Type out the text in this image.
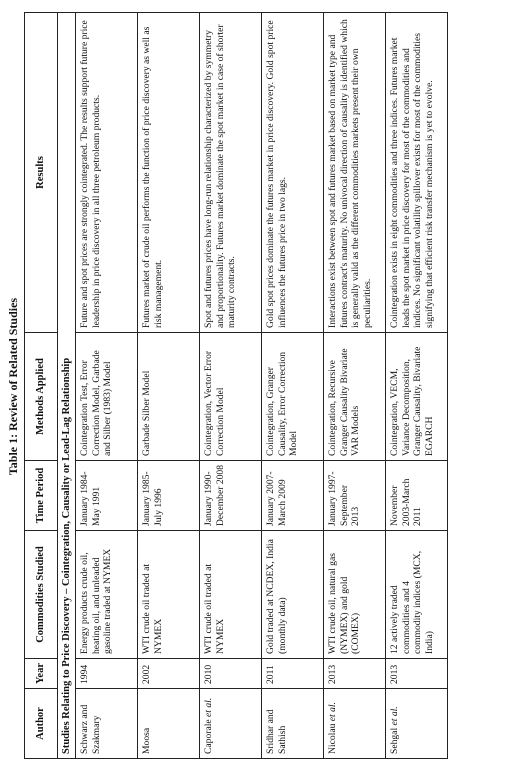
Table 1: Review of Related Studies
Author	Year	Commodities Studied	Time Period	Methods Applied	Results
Studies Relating to Price Discovery – Cointegration, Causality or Lead-Lag Relationship					
Schwarz and Szakmary	1994	Energy products crude oil, heating oil, and unleaded gasoline traded at NYMEX	January 1984-May 1991	Cointegration Test, Error Correction Model, Garbade and Silber (1983) Model	Future and spot prices are strongly cointegrated. The results support future price leadership in price discovery in all three petroleum products.
Moosa	2002	WTI crude oil traded at NYMEX	January 1985-July 1996	Garbade Silber Model	Futures market of crude oil performs the function of price discovery as well as risk management.
Caporale et al.	2010	WTI crude oil traded at NYMEX	January 1990-December 2008	Cointegration, Vector Error Correction Model	Spot and futures prices have long-run relationship characterized by symmetry and proportionality. Futures market dominate the spot market in case of shorter maturity contracts.
Sridhar and Sathish	2011	Gold traded at NCDEX, India (monthly data)	January 2007-March 2009	Cointegration, Granger Causality, Error Correction Model	Gold spot prices dominate the futures market in price discovery. Gold spot price influences the futures price in two lags.
Nicolau et al.	2013	WTI crude oil, natural gas (NYMEX) and gold (COMEX)	January 1997-September 2013	Cointegration, Recursive Granger Causality Bivariate VAR Models	Interactions exist between spot and futures market based on market type and futures contract's maturity. No univocal direction of causality is identified which is generally valid as the different commodities markets present their own peculiarities.
Sehgal et al.	2013	12 actively traded commodities and 4 commodity indices (MCX, India)	November 2003-March 2011	Cointegration, VECM, Variance Decomposition, Granger Causality, Bivariate EGARCH	Cointegration exists in eight commodities and three indices. Futures market leads the spot market in price discovery for most of the commodities and indices. No significant volatility spillover exists for most of the commodities signifying that efficient risk transfer mechanism is yet to evolve.
